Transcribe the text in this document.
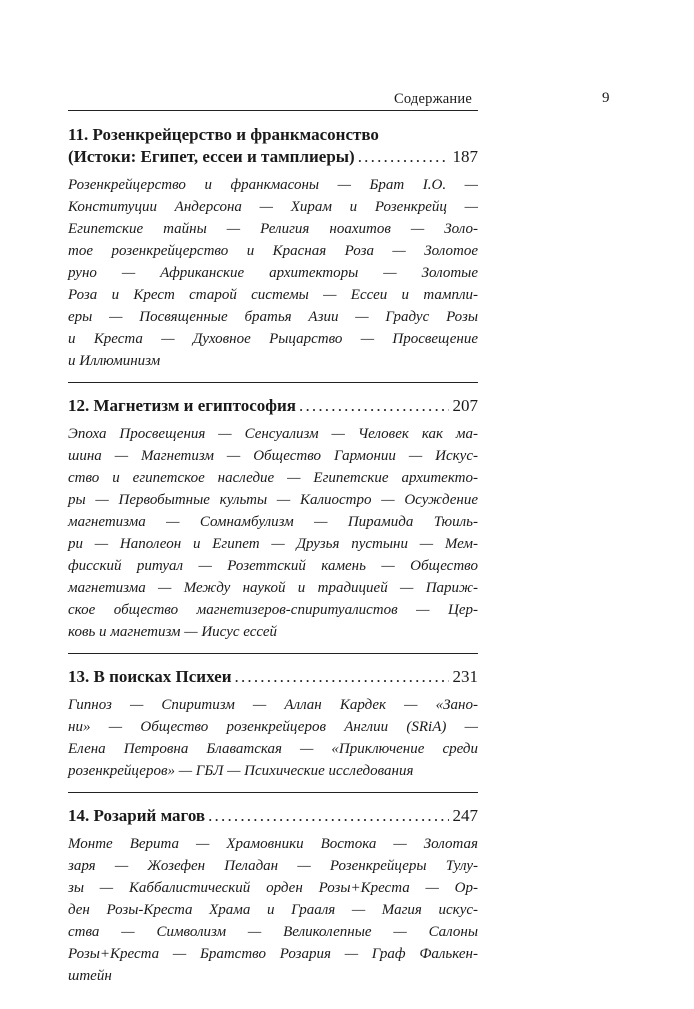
Содержание	9
11. Розенкрейцерство и франкмасонство
(Истоки: Египет, ессеи и тамплиеры) .....	187

Розенкрейцерство и франкмасоны — Брат I.O. —
Конституции Андерсона — Хирам и Розенкрейц —
Египетские тайны — Религия ноахитов — Золо-
тое розенкрейцерство и Красная Роза — Золотое
руно — Африканские архитекторы — Золотые
Роза и Крест старой системы — Ессеи и тампли-
еры — Посвященные братья Азии — Градус Розы
и Креста — Духовное Рыцарство — Просвещение
и Иллюминизм

12. Магнетизм и египтософия .....	207

Эпоха Просвещения — Сенсуализм — Человек как ма-
шина — Магнетизм — Общество Гармонии — Искус-
ство и египетское наследие — Египетские архитекто-
ры — Первобытные культы — Калиостро — Осуждение
магнетизма — Сомнамбулизм — Пирамида Тюиль-
ри — Наполеон и Египет — Друзья пустыни — Мем-
фисский ритуал — Розеттский камень — Общество
магнетизма — Между наукой и традицией — Париж-
ское общество магнетизеров-спиритуалистов — Цер-
ковь и магнетизм — Иисус ессей

13. В поисках Психеи .....	231

Гипноз — Спиритизм — Аллан Кардек — «Зано-
ни» — Общество розенкрейцеров Англии (SRiA) —
Елена Петровна Блаватская — «Приключение среди
розенкрейцеров» — ГБЛ — Психические исследования

14. Розарий магов .....	247

Монте Верита — Храмовники Востока — Золотая
заря — Жозефен Пеладан — Розенкрейцеры Тулу-
зы — Каббалистический орден Розы+Креста — Ор-
ден Розы-Креста Храма и Грааля — Магия искус-
ства — Символизм — Великолепные — Салоны
Розы+Креста — Братство Розария — Граф Фалькен-
штейн
